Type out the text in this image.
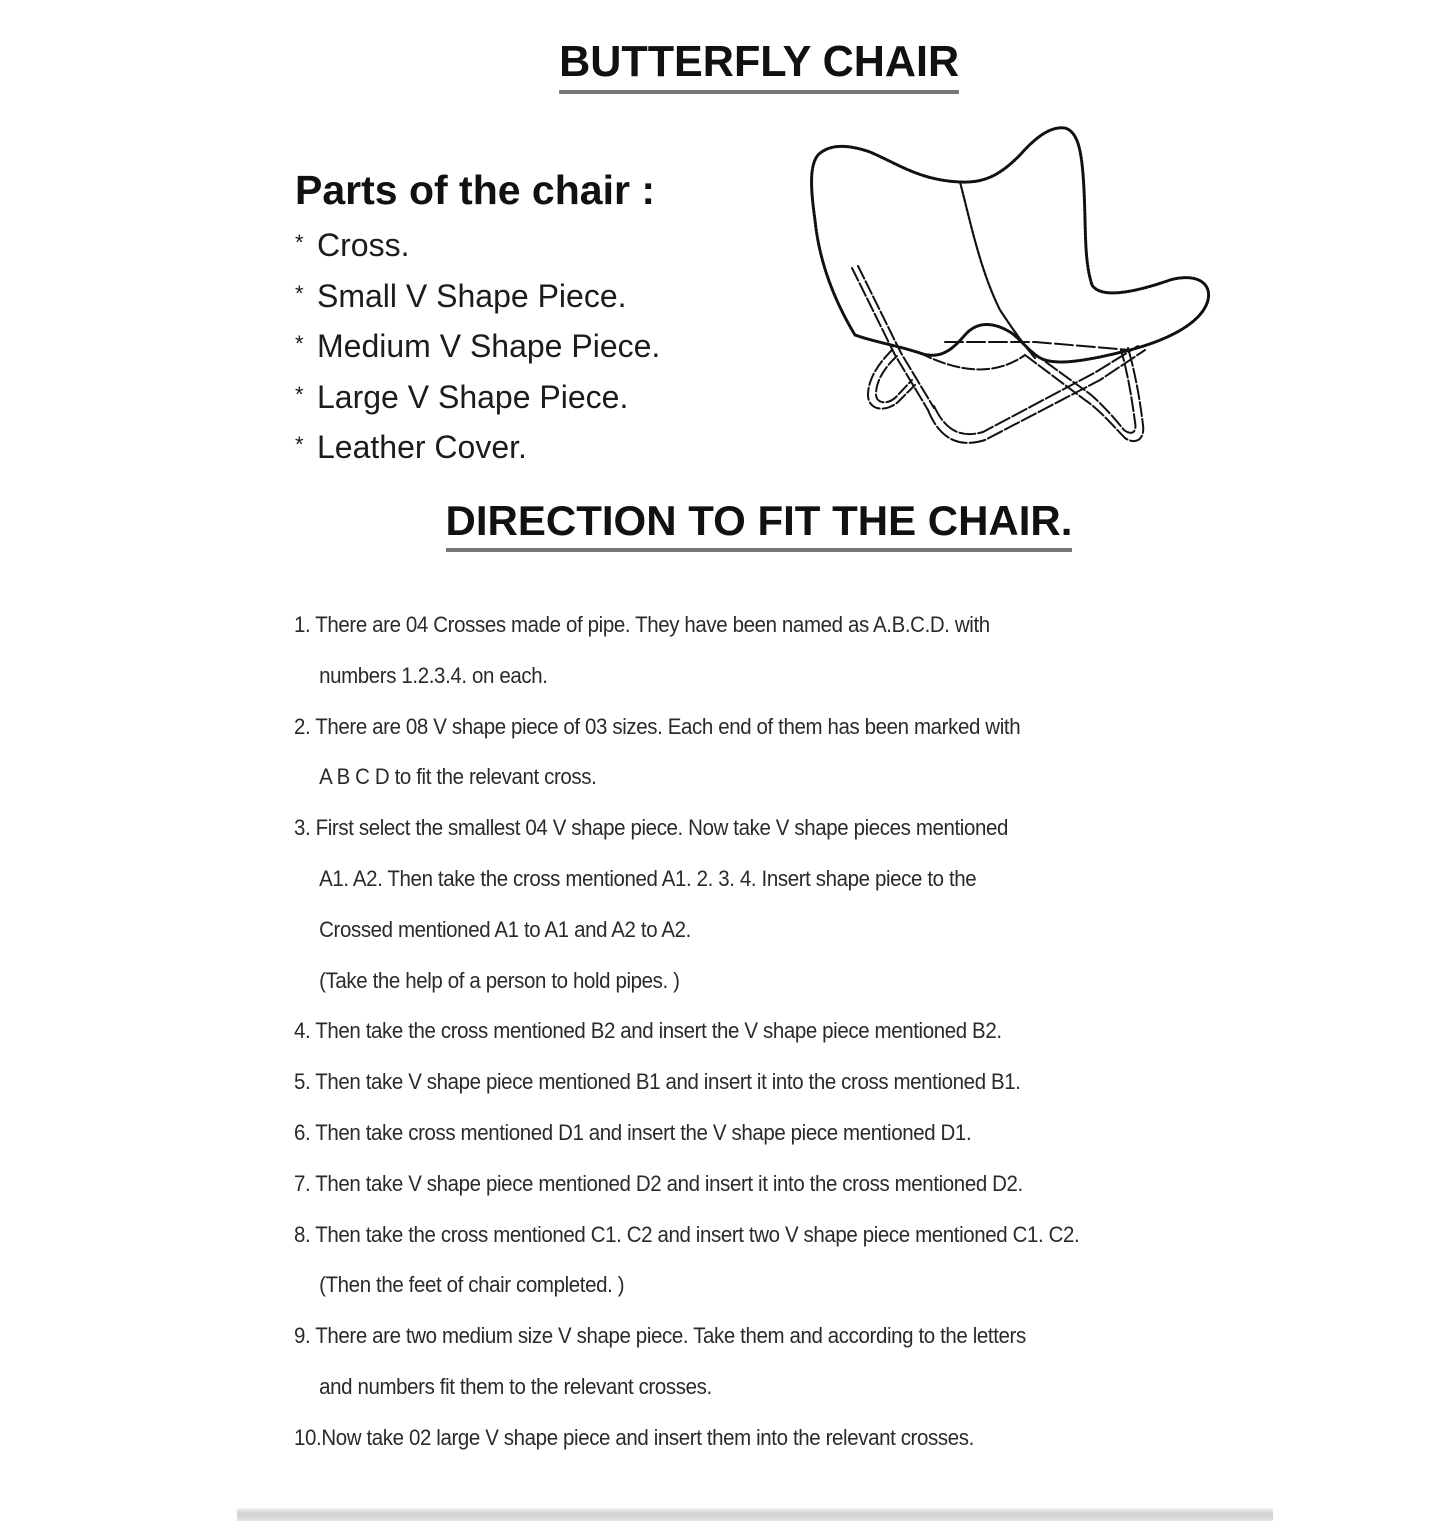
BUTTERFLY CHAIR
Parts of the chair :
* Cross.
* Small V Shape Piece.
* Medium V Shape Piece.
* Large V Shape Piece.
* Leather Cover.
DIRECTION TO FIT THE CHAIR.
1. There are 04 Crosses made of pipe. They have been named as A.B.C.D. with
numbers 1.2.3.4. on each.
2. There are 08 V shape piece of 03 sizes. Each end of them has been marked with
A B C D to fit the relevant cross.
3. First select the smallest 04 V shape piece. Now take V shape pieces mentioned
A1. A2. Then take the cross mentioned A1. 2. 3. 4. Insert shape piece to the
Crossed mentioned A1 to A1 and A2 to A2.
(Take the help of a person to hold pipes. )
4. Then take the cross mentioned B2 and insert the V shape piece mentioned B2.
5. Then take V shape piece mentioned B1 and insert it into the cross mentioned B1.
6. Then take cross mentioned D1 and insert the V shape piece mentioned D1.
7. Then take V shape piece mentioned D2 and insert it into the cross mentioned D2.
8. Then take the cross mentioned C1. C2 and insert two V shape piece mentioned C1. C2.
(Then the feet of chair completed. )
9. There are two medium size V shape piece. Take them and according to the letters
and numbers fit them to the relevant crosses.
10.Now take 02 large V shape piece and insert them into the relevant crosses.
